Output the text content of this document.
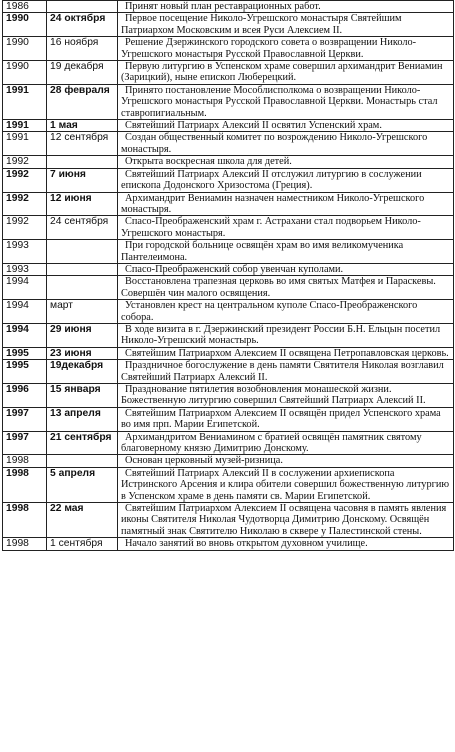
1986		Принят новый план реставрационных работ.
1990	24 октября	Первое посещение Николо-Угрешского монастыря Святейшим Патриархом Московским и всея Руси Алексием II.
1990	16 ноября	Решение Дзержинского городского совета о возвращении Николо-Угрешского монастыря Русской Православной Церкви.
1990	19 декабря	Первую литургию в Успенском храме совершил архимандрит Вениамин (Зарицкий), ныне епископ Люберецкий.
1991	28 февраля	Принято постановление Мособлисполкома о возвращении Николо-Угрешского монастыря Русской Православной Церкви. Монастырь стал ставропигиальным.
1991	1 мая	Святейший Патриарх Алексий II освятил Успенский храм.
1991	12 сентября	Создан общественный комитет по возрождению Николо-Угрешского монастыря.
1992		Открыта воскресная школа для детей.
1992	7 июня	Святейший Патриарх Алексий II отслужил литургию в сослужении епископа Додонского Хризостома (Греция).
1992	12 июня	Архимандрит Вениамин назначен наместником Николо-Угрешского монастыря.
1992	24 сентября	Спасо-Преображенский храм г. Астрахани стал подворьем Николо-Угрешского монастыря.
1993		При городской больнице освящён храм во имя великомученика Пантелеимона.
1993		Спасо-Преображенский собор увенчан куполами.
1994		Восстановлена трапезная церковь во имя святых Матфея и Параскевы. Совершён чин малого освящения.
1994	март	Установлен крест на центральном куполе Спасо-Преображенского собора.
1994	29 июня	В ходе визита в г. Дзержинский президент России Б.Н. Ельцын посетил Николо-Угрешский монастырь.
1995	23 июня	Святейшим Патриархом Алексием II освящена Петропавловская церковь.
1995	19декабря	Праздничное богослужение в день памяти Святителя Николая возглавил Святейший Патриарх Алексий II.
1996	15 января	Празднование пятилетия возобновления монашеской жизни. Божественную литургию совершил Святейший Патриарх Алексий II.
1997	13 апреля	Святейшим Патриархом Алексием II освящён придел Успенского храма во имя прп. Марии Египетской.
1997	21 сентября	Архимандритом Вениамином с братией освящён памятник святому благоверному князю Димитрию Донскому.
1998		Основан церковный музей-ризница.
1998	5 апреля	Святейший Патриарх Алексий II в сослужении архиепископа Истринского Арсения и клира обители совершил божественную литургию в Успенском храме в день памяти св. Марии Египетской.
1998	22 мая	Святейшим Патриархом Алексием II освящена часовня в память явления иконы Святителя Николая Чудотворца Димитрию Донскому. Освящён памятный знак Святителю Николаю в сквере у Палестинской стены.
1998	1 сентября	Начало занятий во вновь открытом духовном училище.
